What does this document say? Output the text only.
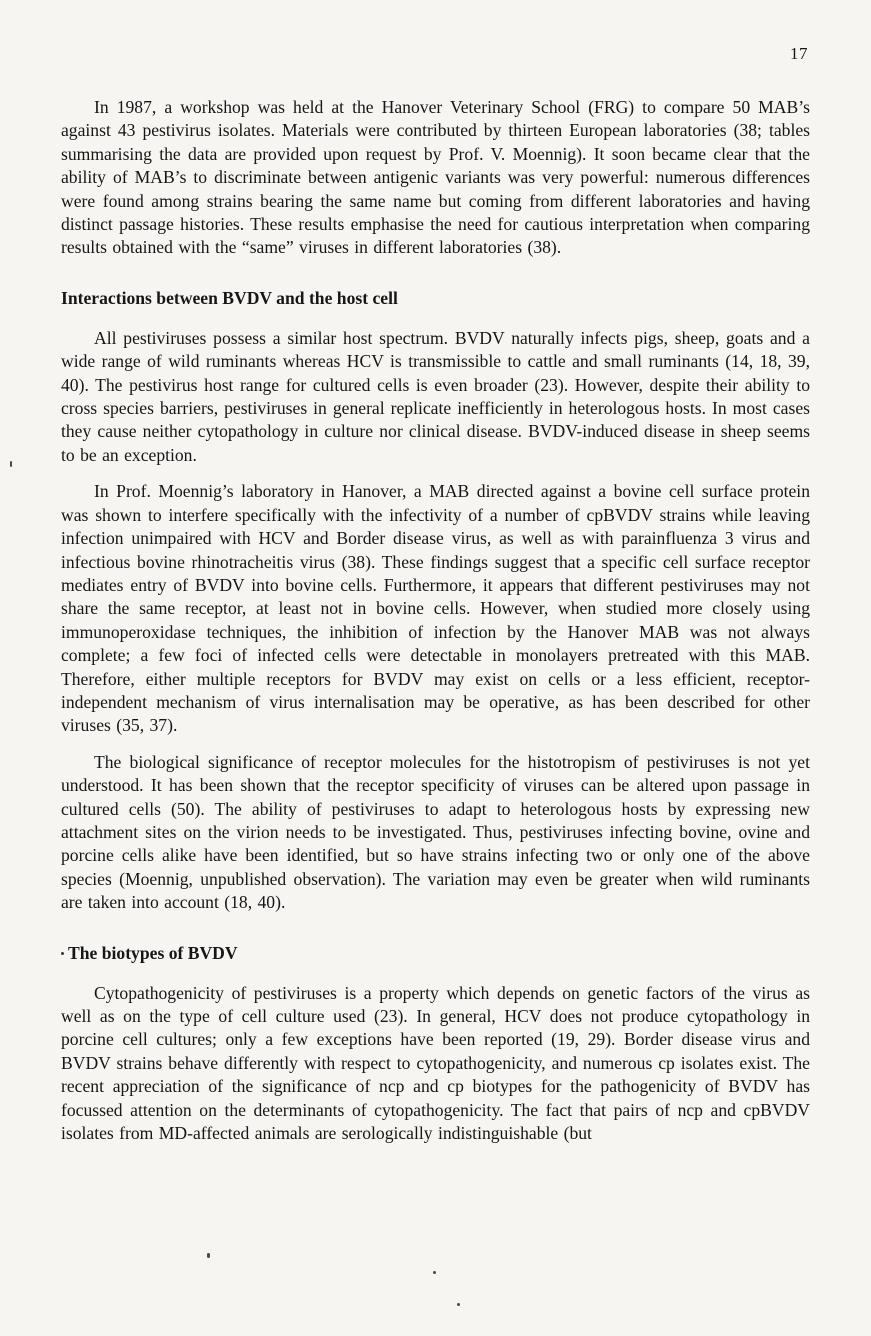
17

In 1987, a workshop was held at the Hanover Veterinary School (FRG) to compare 50 MAB’s against 43 pestivirus isolates. Materials were contributed by thirteen European laboratories (38; tables summarising the data are provided upon request by Prof. V. Moennig). It soon became clear that the ability of MAB’s to discriminate between antigenic variants was very powerful: numerous differences were found among strains bearing the same name but coming from different laboratories and having distinct passage histories. These results emphasise the need for cautious interpretation when comparing results obtained with the “same” viruses in different laboratories (38).

Interactions between BVDV and the host cell

All pestiviruses possess a similar host spectrum. BVDV naturally infects pigs, sheep, goats and a wide range of wild ruminants whereas HCV is transmissible to cattle and small ruminants (14, 18, 39, 40). The pestivirus host range for cultured cells is even broader (23). However, despite their ability to cross species barriers, pestiviruses in general replicate inefficiently in heterologous hosts. In most cases they cause neither cytopathology in culture nor clinical disease. BVDV-induced disease in sheep seems to be an exception.

In Prof. Moennig’s laboratory in Hanover, a MAB directed against a bovine cell surface protein was shown to interfere specifically with the infectivity of a number of cpBVDV strains while leaving infection unimpaired with HCV and Border disease virus, as well as with parainfluenza 3 virus and infectious bovine rhinotracheitis virus (38). These findings suggest that a specific cell surface receptor mediates entry of BVDV into bovine cells. Furthermore, it appears that different pestiviruses may not share the same receptor, at least not in bovine cells. However, when studied more closely using immunoperoxidase techniques, the inhibition of infection by the Hanover MAB was not always complete; a few foci of infected cells were detectable in monolayers pretreated with this MAB. Therefore, either multiple receptors for BVDV may exist on cells or a less efficient, receptor-independent mechanism of virus internalisation may be operative, as has been described for other viruses (35, 37).

The biological significance of receptor molecules for the histotropism of pestiviruses is not yet understood. It has been shown that the receptor specificity of viruses can be altered upon passage in cultured cells (50). The ability of pestiviruses to adapt to heterologous hosts by expressing new attachment sites on the virion needs to be investigated. Thus, pestiviruses infecting bovine, ovine and porcine cells alike have been identified, but so have strains infecting two or only one of the above species (Moennig, unpublished observation). The variation may even be greater when wild ruminants are taken into account (18, 40).

The biotypes of BVDV

Cytopathogenicity of pestiviruses is a property which depends on genetic factors of the virus as well as on the type of cell culture used (23). In general, HCV does not produce cytopathology in porcine cell cultures; only a few exceptions have been reported (19, 29). Border disease virus and BVDV strains behave differently with respect to cytopathogenicity, and numerous cp isolates exist. The recent appreciation of the significance of ncp and cp biotypes for the pathogenicity of BVDV has focussed attention on the determinants of cytopathogenicity. The fact that pairs of ncp and cpBVDV isolates from MD-affected animals are serologically indistinguishable (but
